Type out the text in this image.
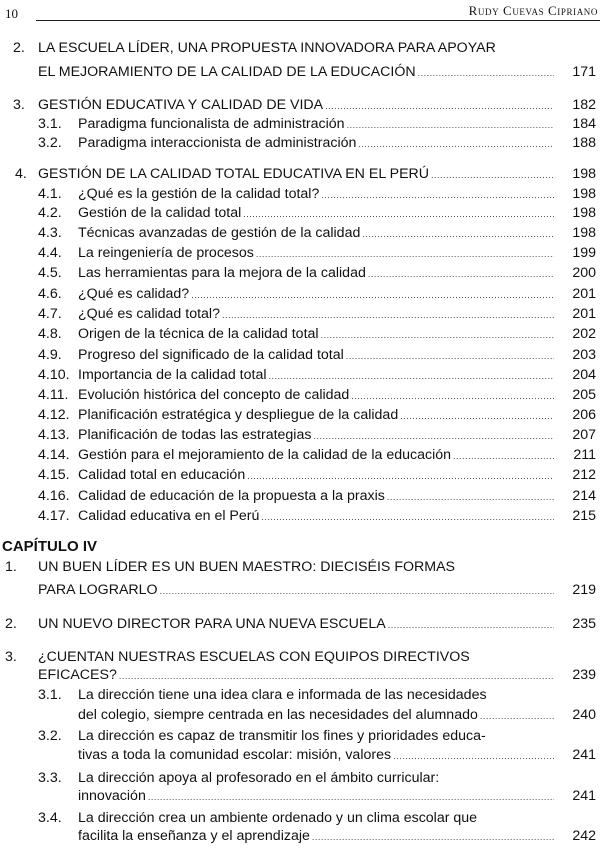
10	Rudy Cuevas Cipriano
2. LA ESCUELA LÍDER, UNA PROPUESTA INNOVADORA PARA APOYAR
EL MEJORAMIENTO DE LA CALIDAD DE LA EDUCACIÓN .....	171
3. GESTIÓN EDUCATIVA Y CALIDAD DE VIDA .....	182
3.1. Paradigma funcionalista de administración .....	184
3.2. Paradigma interaccionista de administración .....	188
4. GESTIÓN DE LA CALIDAD TOTAL EDUCATIVA EN EL PERÚ .....	198
4.1. ¿Qué es la gestión de la calidad total? .....	198
4.2. Gestión de la calidad total .....	198
4.3. Técnicas avanzadas de gestión de la calidad .....	198
4.4. La reingeniería de procesos .....	199
4.5. Las herramientas para la mejora de la calidad .....	200
4.6. ¿Qué es calidad? .....	201
4.7. ¿Qué es calidad total? .....	201
4.8. Origen de la técnica de la calidad total .....	202
4.9. Progreso del significado de la calidad total .....	203
4.10. Importancia de la calidad total .....	204
4.11. Evolución histórica del concepto de calidad .....	205
4.12. Planificación estratégica y despliegue de la calidad .....	206
4.13. Planificación de todas las estrategias .....	207
4.14. Gestión para el mejoramiento de la calidad de la educación .....	211
4.15. Calidad total en educación .....	212
4.16. Calidad de educación de la propuesta a la praxis .....	214
4.17. Calidad educativa en el Perú .....	215
CAPÍTULO IV
1. UN BUEN LÍDER ES UN BUEN MAESTRO: DIECISÉIS FORMAS
PARA LOGRARLO .....	219
2. UN NUEVO DIRECTOR PARA UNA NUEVA ESCUELA .....	235
3. ¿CUENTAN NUESTRAS ESCUELAS CON EQUIPOS DIRECTIVOS
EFICACES? .....	239
3.1. La dirección tiene una idea clara e informada de las necesidades
del colegio, siempre centrada en las necesidades del alumnado .....	240
3.2. La dirección es capaz de transmitir los fines y prioridades educa-
tivas a toda la comunidad escolar: misión, valores .....	241
3.3. La dirección apoya al profesorado en el ámbito curricular:
innovación .....	241
3.4. La dirección crea un ambiente ordenado y un clima escolar que
facilita la enseñanza y el aprendizaje .....	242
